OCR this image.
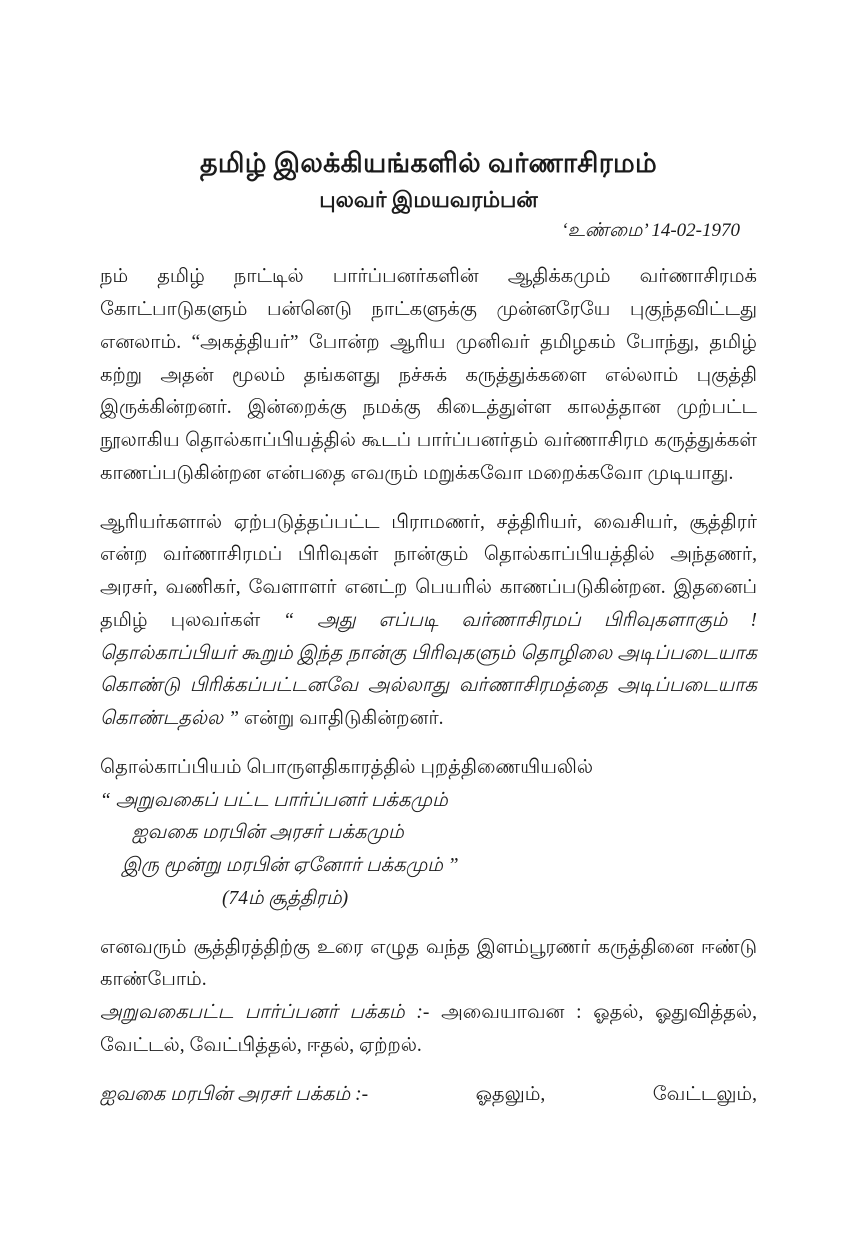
தமிழ் இலக்கியங்களில் வர்ணாசிரமம்
புலவர் இமயவரம்பன்
‘உண்மை’ 14-02-1970

நம் தமிழ் நாட்டில் பார்ப்பனர்களின் ஆதிக்கமும் வர்ணாசிரமக் கோட்பாடுகளும் பன்னெடு நாட்களுக்கு முன்னரேயே புகுந்தவிட்டது எனலாம். “அகத்தியர்” போன்ற ஆரிய முனிவர் தமிழகம் போந்து, தமிழ் கற்று அதன் மூலம் தங்களது நச்சுக் கருத்துக்களை எல்லாம் புகுத்தி இருக்கின்றனர். இன்றைக்கு நமக்கு கிடைத்துள்ள காலத்தான முற்பட்ட நூலாகிய தொல்காப்பியத்தில் கூடப் பார்ப்பனர்தம் வர்ணாசிரம கருத்துக்கள் காணப்படுகின்றன என்பதை எவரும் மறுக்கவோ மறைக்கவோ முடியாது.

ஆரியர்களால் ஏற்படுத்தப்பட்ட பிராமணர், சத்திரியர், வைசியர், சூத்திரர் என்ற வர்ணாசிரமப் பிரிவுகள் நான்கும் தொல்காப்பியத்தில் அந்தணர், அரசர், வணிகர், வேளாளர் எனட்ற பெயரில் காணப்படுகின்றன. இதனைப் தமிழ் புலவர்கள் “ அது எப்படி வர்ணாசிரமப் பிரிவுகளாகும் ! தொல்காப்பியர் கூறும் இந்த நான்கு பிரிவுகளும் தொழிலை அடிப்படையாக கொண்டு பிரிக்கப்பட்டனவே அல்லாது வர்ணாசிரமத்தை அடிப்படையாக கொண்டதல்ல ” என்று வாதிடுகின்றனர்.

தொல்காப்பியம் பொருளதிகாரத்தில் புறத்திணையியலில்

“ அறுவகைப் பட்ட பார்ப்பனர் பக்கமும்
ஐவகை மரபின் அரசர் பக்கமும்
இரு மூன்று மரபின் ஏனோர் பக்கமும் ”
(74ம் சூத்திரம்)

எனவரும் சூத்திரத்திற்கு உரை எழுத வந்த இளம்பூரணர் கருத்தினை ஈண்டு காண்போம்.

அறுவகைபட்ட பார்ப்பனர் பக்கம் :- அவையாவன : ஓதல், ஓதுவித்தல், வேட்டல், வேட்பித்தல், ஈதல், ஏற்றல்.

ஐவகை மரபின் அரசர் பக்கம் :-	ஓதலும்,	வேட்டலும்,
